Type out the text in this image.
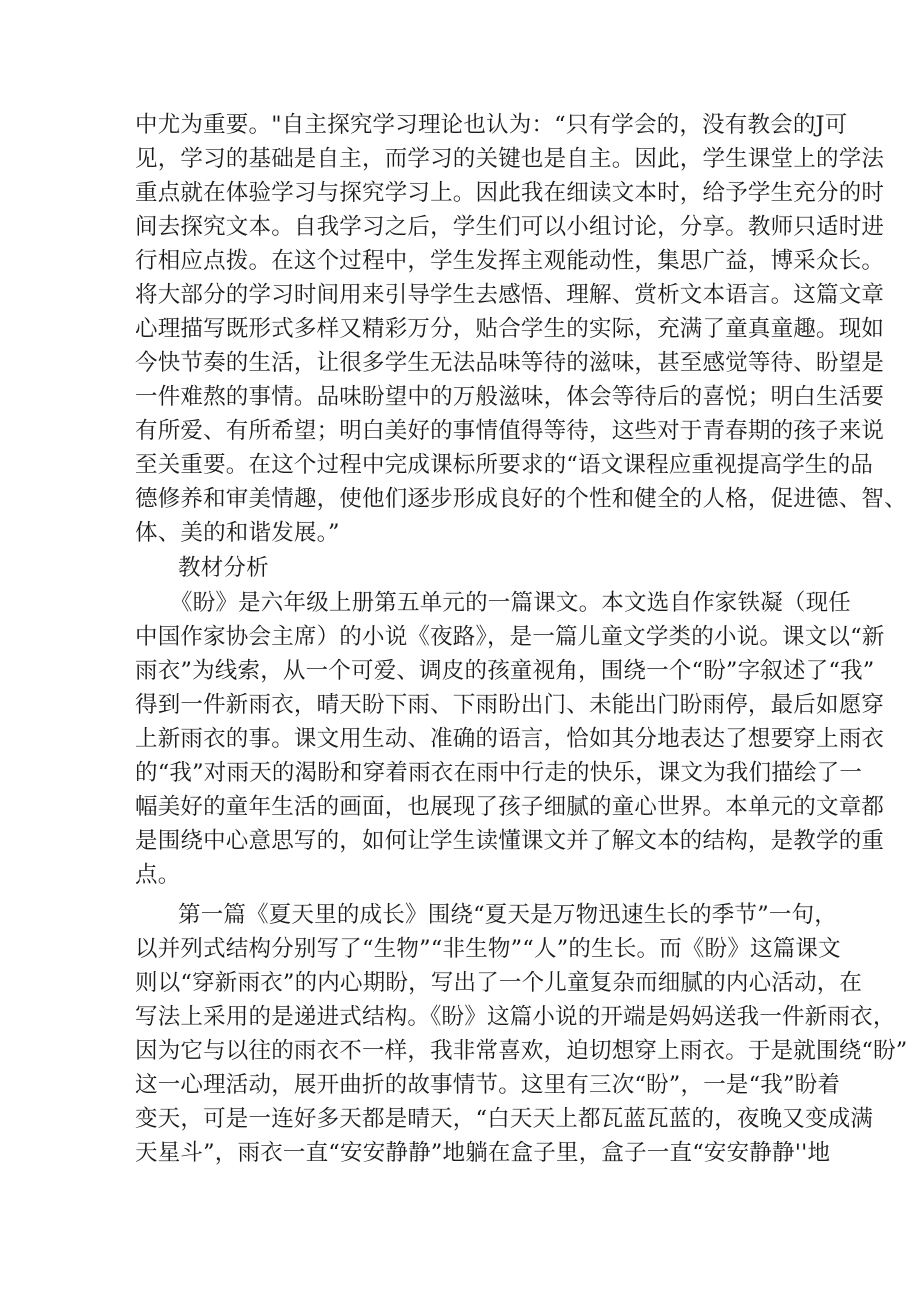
中尤为重要。"自主探究学习理论也认为：“只有学会的，没有教会的J可
见，学习的基础是自主，而学习的关键也是自主。因此，学生课堂上的学法
重点就在体验学习与探究学习上。因此我在细读文本时，给予学生充分的时
间去探究文本。自我学习之后，学生们可以小组讨论，分享。教师只适时进
行相应点拨。在这个过程中，学生发挥主观能动性，集思广益，博采众长。
将大部分的学习时间用来引导学生去感悟、理解、赏析文本语言。这篇文章
心理描写既形式多样又精彩万分，贴合学生的实际，充满了童真童趣。现如
今快节奏的生活，让很多学生无法品味等待的滋味，甚至感觉等待、盼望是
一件难熬的事情。品味盼望中的万般滋味，体会等待后的喜悦；明白生活要
有所爱、有所希望；明白美好的事情值得等待，这些对于青春期的孩子来说
至关重要。在这个过程中完成课标所要求的“语文课程应重视提高学生的品
德修养和审美情趣，使他们逐步形成良好的个性和健全的人格，促进德、智、
体、美的和谐发展。”
教材分析
《盼》是六年级上册第五单元的一篇课文。本文选自作家铁凝（现任
中国作家协会主席）的小说《夜路》，是一篇儿童文学类的小说。课文以“新
雨衣”为线索，从一个可爱、调皮的孩童视角，围绕一个“盼”字叙述了“我”
得到一件新雨衣，晴天盼下雨、下雨盼出门、未能出门盼雨停，最后如愿穿
上新雨衣的事。课文用生动、准确的语言，恰如其分地表达了想要穿上雨衣
的“我”对雨天的渴盼和穿着雨衣在雨中行走的快乐，课文为我们描绘了一
幅美好的童年生活的画面，也展现了孩子细腻的童心世界。本单元的文章都
是围绕中心意思写的，如何让学生读懂课文并了解文本的结构，是教学的重
点。
第一篇《夏天里的成长》围绕“夏天是万物迅速生长的季节”一句，
以并列式结构分别写了“生物”“非生物”“人”的生长。而《盼》这篇课文
则以“穿新雨衣”的内心期盼，写出了一个儿童复杂而细腻的内心活动，在
写法上采用的是递进式结构。《盼》这篇小说的开端是妈妈送我一件新雨衣，
因为它与以往的雨衣不一样，我非常喜欢，迫切想穿上雨衣。于是就围绕“盼”
这一心理活动，展开曲折的故事情节。这里有三次“盼”，一是“我”盼着
变天，可是一连好多天都是晴天，“白天天上都瓦蓝瓦蓝的，夜晚又变成满
天星斗”，雨衣一直“安安静静”地躺在盒子里，盒子一直“安安静静''地
